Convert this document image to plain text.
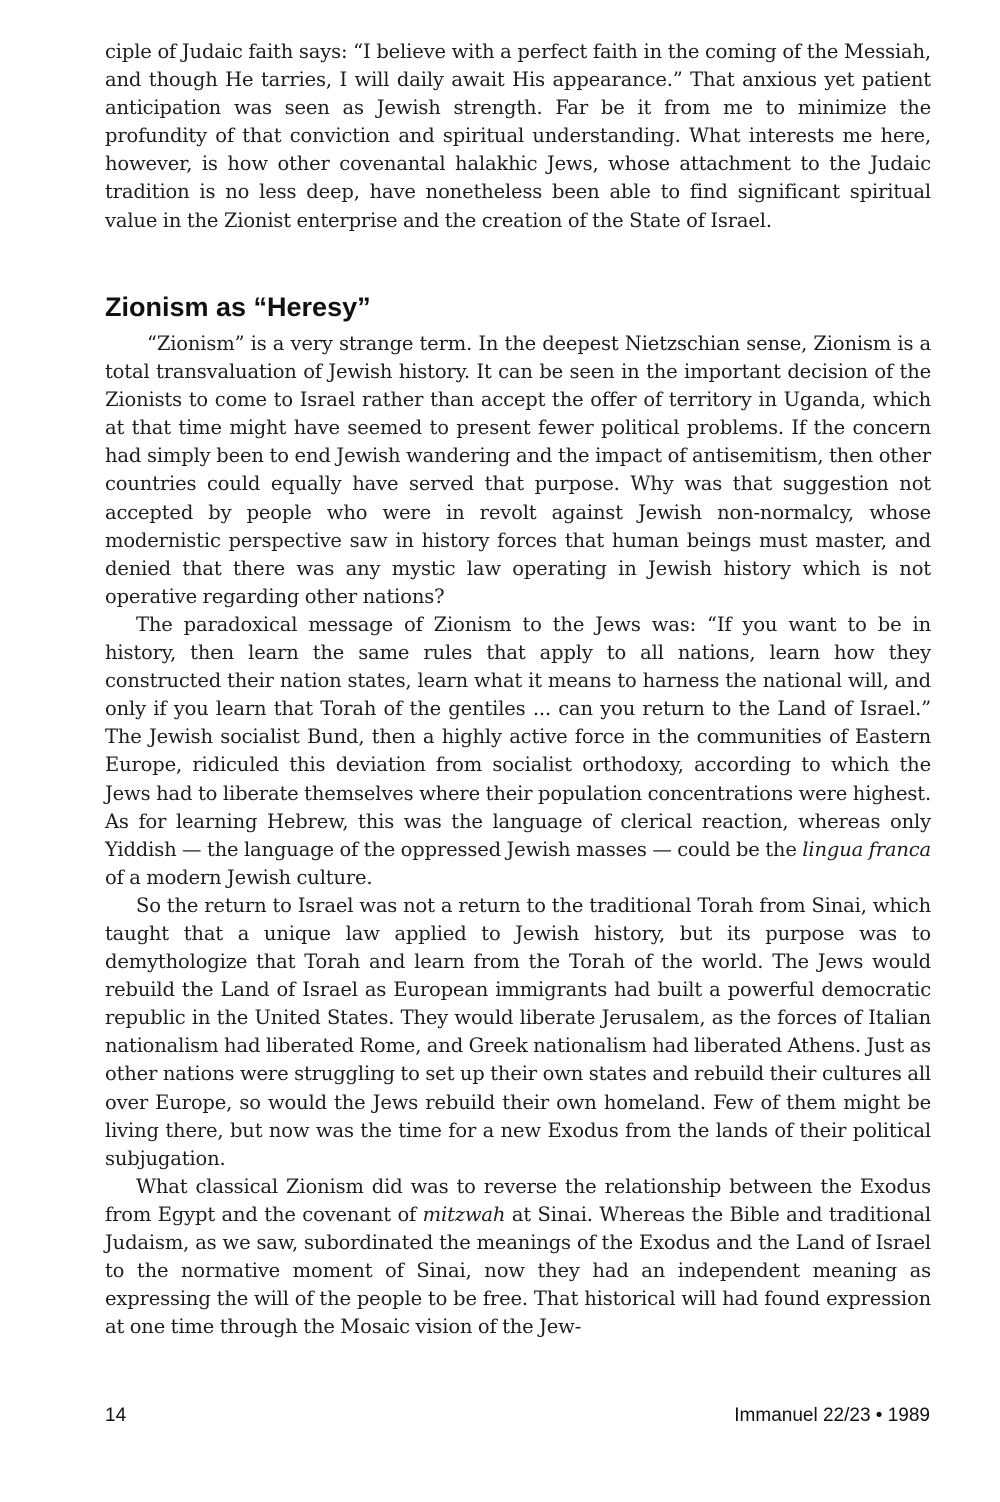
ciple of Judaic faith says: “I believe with a perfect faith in the coming of the Messiah, and though He tarries, I will daily await His appearance.” That anxious yet patient anticipation was seen as Jewish strength. Far be it from me to minimize the profundity of that conviction and spiritual understanding. What interests me here, however, is how other covenantal halakhic Jews, whose attachment to the Judaic tradition is no less deep, have nonetheless been able to find significant spiritual value in the Zionist enterprise and the creation of the State of Israel.

Zionism as “Heresy”

“Zionism” is a very strange term. In the deepest Nietzschian sense, Zionism is a total transvaluation of Jewish history. It can be seen in the important decision of the Zionists to come to Israel rather than accept the offer of territory in Uganda, which at that time might have seemed to present fewer political problems. If the concern had simply been to end Jewish wandering and the impact of antisemitism, then other countries could equally have served that purpose. Why was that suggestion not accepted by people who were in revolt against Jewish non-normalcy, whose modernistic perspective saw in history forces that human beings must master, and denied that there was any mystic law operating in Jewish history which is not operative regarding other nations?

The paradoxical message of Zionism to the Jews was: “If you want to be in history, then learn the same rules that apply to all nations, learn how they constructed their nation states, learn what it means to harness the national will, and only if you learn that Torah of the gentiles ... can you return to the Land of Israel.” The Jewish socialist Bund, then a highly active force in the communities of Eastern Europe, ridiculed this deviation from socialist orthodoxy, according to which the Jews had to liberate themselves where their population concentrations were highest. As for learning Hebrew, this was the language of clerical reaction, whereas only Yiddish — the language of the oppressed Jewish masses — could be the lingua franca of a modern Jewish culture.

So the return to Israel was not a return to the traditional Torah from Sinai, which taught that a unique law applied to Jewish history, but its purpose was to demythologize that Torah and learn from the Torah of the world. The Jews would rebuild the Land of Israel as European immigrants had built a powerful democratic republic in the United States. They would liberate Jerusalem, as the forces of Italian nationalism had liberated Rome, and Greek nationalism had liberated Athens. Just as other nations were struggling to set up their own states and rebuild their cultures all over Europe, so would the Jews rebuild their own homeland. Few of them might be living there, but now was the time for a new Exodus from the lands of their political subjugation.

What classical Zionism did was to reverse the relationship between the Exodus from Egypt and the covenant of mitzwah at Sinai. Whereas the Bible and traditional Judaism, as we saw, subordinated the meanings of the Exodus and the Land of Israel to the normative moment of Sinai, now they had an independent meaning as expressing the will of the people to be free. That historical will had found expression at one time through the Mosaic vision of the Jew-

14	Immanuel 22/23 • 1989
